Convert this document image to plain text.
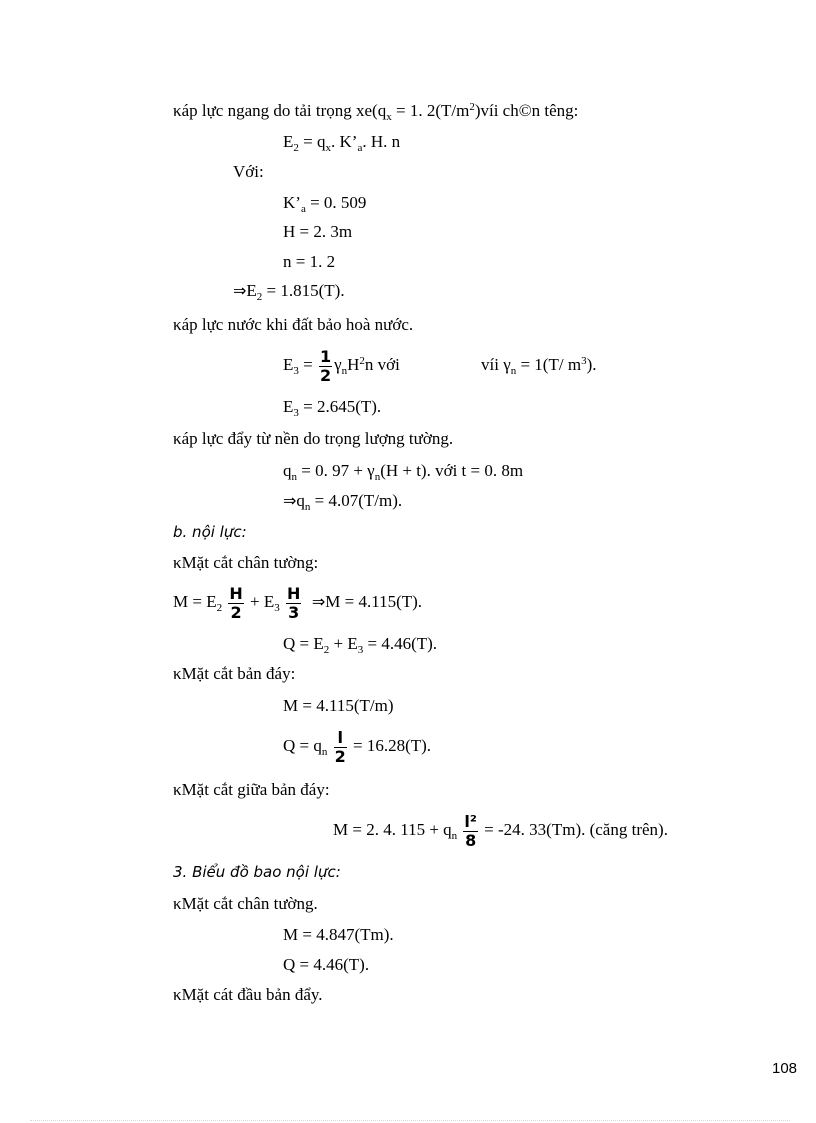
κáp lực ngang do tải trọng $xe(q_x = 1$. $2(T/m^2)víi$ ch©n têng:
$E_2 = q_x$. $K’_a$. H. n
Với:
$K’_a = 0$. 509
H = 2. 3m
n = 1. 2
$\Rightarrow E_2 = 1.815(T)$.
κáp lực nước khi đất bảo hoà nước.
$E_3 = \frac{1}{2} \gamma_nH^2n$ với	víi $\gamma_n = 1(T/$ $m^3$).
$E_3 = 2.645(T)$.
κáp lực đẩy từ nền do trọng lượng tường.
$q_n = 0$. $97 + \gamma_n(H + t)$. với t = 0. 8m
$\Rightarrow q_n = 4.07(T/m)$.
b. nội lực:
κMặt cắt chân tường:
$M = E_2 \frac{H}{2} + E_3 \frac{H}{3}$ ⇒M = 4.115(T).
$Q = E_2 + E_3 = 4.46(T)$.
κMặt cắt bản đáy:
M = 4.115(T/m)
$Q = q_n \frac{l}{2} = 16.28(T)$.
κMặt cắt giữa bản đáy:
M = 2. 4. $115 + q_n \frac{\text{l²}}{8} = -24$. 33(Tm). (căng trên).
3. Biểu đồ bao nội lực:
κMặt cắt chân tường.
M = 4.847(Tm).
Q = 4.46(T).
κMặt cát đầu bản đẩy.
108
